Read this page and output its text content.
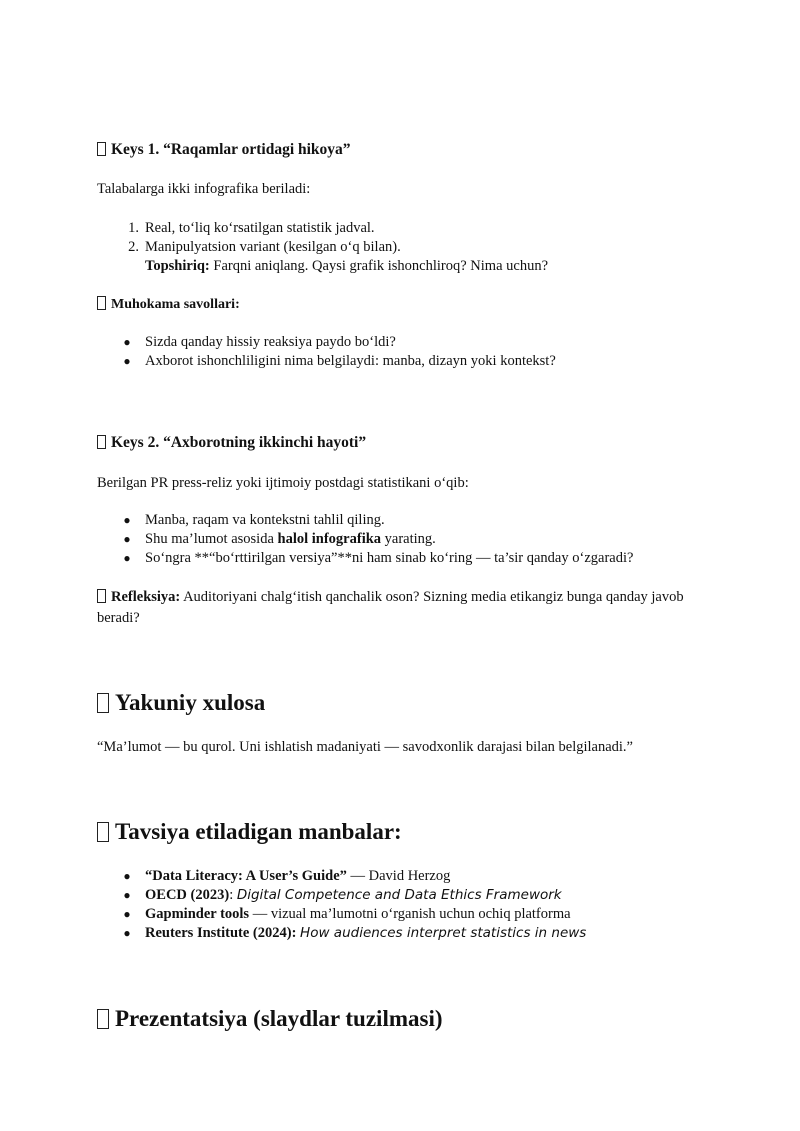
Keys 1. “Raqamlar ortidagi hikoya”

Talabalarga ikki infografika beriladi:

1. Real, to‘liq ko‘rsatilgan statistik jadval.
2. Manipulyatsion variant (kesilgan o‘q bilan).
Topshiriq: Farqni aniqlang. Qaysi grafik ishonchliroq? Nima uchun?

Muhokama savollari:

● Sizda qanday hissiy reaksiya paydo bo‘ldi?
● Axborot ishonchliligini nima belgilaydi: manba, dizayn yoki kontekst?
Keys 2. “Axborotning ikkinchi hayoti”

Berilgan PR press-reliz yoki ijtimoiy postdagi statistikani o‘qib:

● Manba, raqam va kontekstni tahlil qiling.
● Shu ma’lumot asosida halol infografika yarating.
● So‘ngra **“bo‘rttirilgan versiya”**ni ham sinab ko‘ring — ta’sir qanday o‘zgaradi?

Refleksiya: Auditoriyani chalg‘itish qanchalik oson? Sizning media etikangiz bunga qanday javob beradi?

Yakuniy xulosa

“Ma’lumot — bu qurol. Uni ishlatish madaniyati — savodxonlik darajasi bilan belgilanadi.”

Tavsiya etiladigan manbalar:
● “Data Literacy: A User’s Guide” — David Herzog
● OECD (2023): Digital Competence and Data Ethics Framework
● Gapminder tools — vizual ma’lumotni o‘rganish uchun ochiq platforma
● Reuters Institute (2024): How audiences interpret statistics in news
Prezentatsiya (slaydlar tuzilmasi)
